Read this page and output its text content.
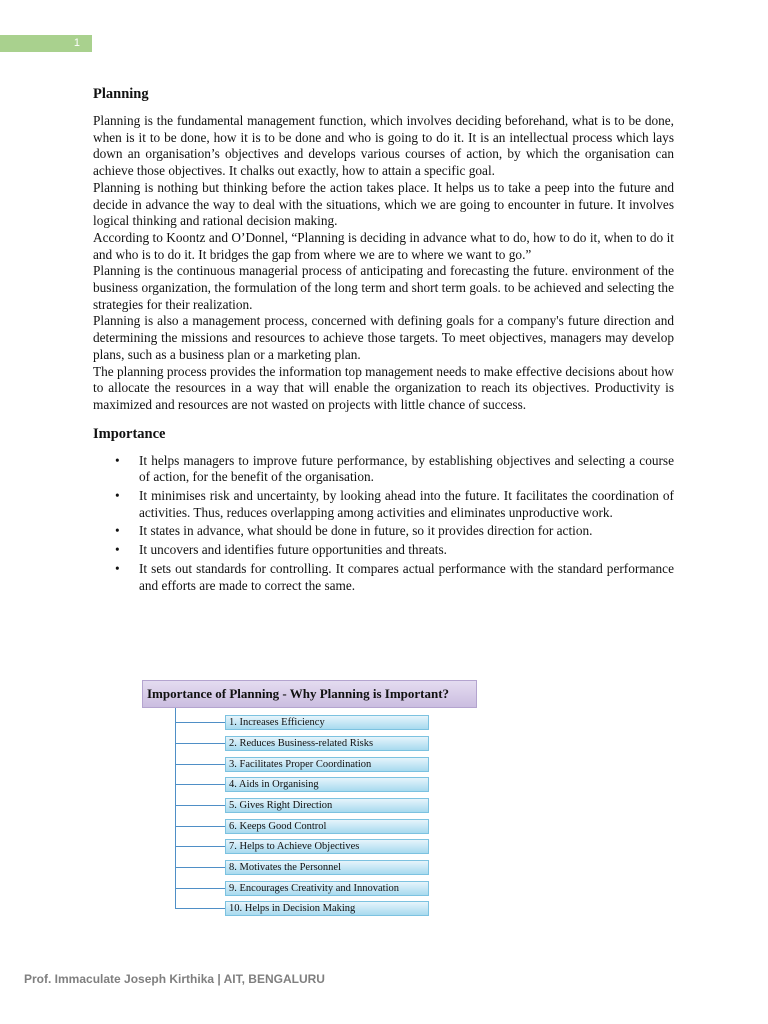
1
Planning

Planning is the fundamental management function, which involves deciding beforehand, what is to be done, when is it to be done, how it is to be done and who is going to do it. It is an intellectual process which lays down an organisation’s objectives and develops various courses of action, by which the organisation can achieve those objectives. It chalks out exactly, how to attain a specific goal.

Planning is nothing but thinking before the action takes place. It helps us to take a peep into the future and decide in advance the way to deal with the situations, which we are going to encounter in future. It involves logical thinking and rational decision making.

According to Koontz and O’Donnel, “Planning is deciding in advance what to do, how to do it, when to do it and who is to do it. It bridges the gap from where we are to where we want to go.”

Planning is the continuous managerial process of anticipating and forecasting the future. environment of the business organization, the formulation of the long term and short term goals. to be achieved and selecting the strategies for their realization.

Planning is also a management process, concerned with defining goals for a company's future direction and determining the missions and resources to achieve those targets. To meet objectives, managers may develop plans, such as a business plan or a marketing plan.

The planning process provides the information top management needs to make effective decisions about how to allocate the resources in a way that will enable the organization to reach its objectives. Productivity is maximized and resources are not wasted on projects with little chance of success.

Importance
• It helps managers to improve future performance, by establishing objectives and selecting a course of action, for the benefit of the organisation.
• It minimises risk and uncertainty, by looking ahead into the future. It facilitates the coordination of activities. Thus, reduces overlapping among activities and eliminates unproductive work.
• It states in advance, what should be done in future, so it provides direction for action.
• It uncovers and identifies future opportunities and threats.
• It sets out standards for controlling. It compares actual performance with the standard performance and efforts are made to correct the same.
Importance of Planning - Why Planning is Important?
1. Increases Efficiency
2. Reduces Business-related Risks
3. Facilitates Proper Coordination
4. Aids in Organising
5. Gives Right Direction
6. Keeps Good Control
7. Helps to Achieve Objectives
8. Motivates the Personnel
9. Encourages Creativity and Innovation
10. Helps in Decision Making
Prof. Immaculate Joseph Kirthika | AIT, BENGALURU
